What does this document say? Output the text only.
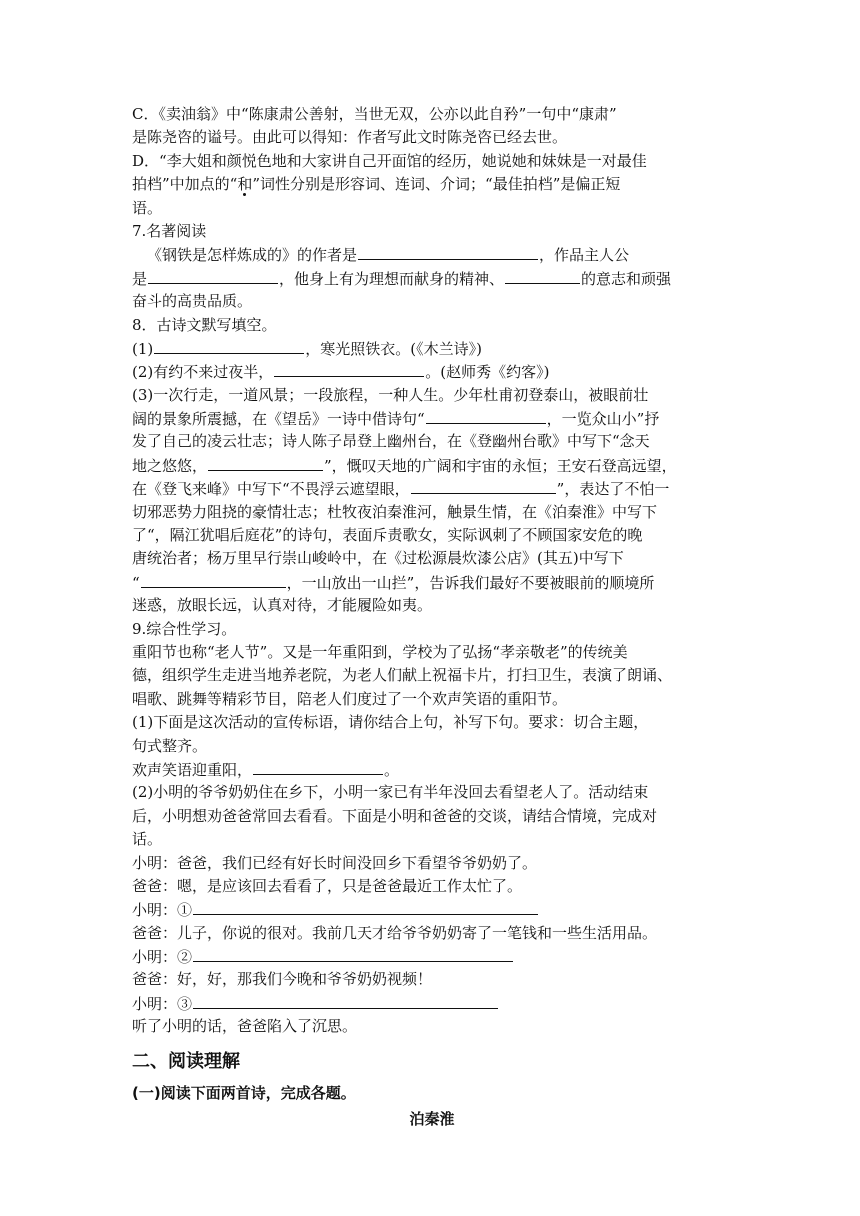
C．《卖油翁》中“陈康肃公善射，当世无双，公亦以此自矜”一句中“康肃”
是陈尧咨的谥号。由此可以得知：作者写此文时陈尧咨已经去世。
D．“李大姐和颜悦色地和大家讲自己开面馆的经历，她说她和妹妹是一对最佳
拍档”中加点的“和”词性分别是形容词、连词、介词；“最佳拍档”是偏正短
语。
7.名著阅读
《钢铁是怎样炼成的》的作者是	，作品主人公
是	，他身上有为理想而献身的精神、	的意志和顽强
奋斗的高贵品质。
8．古诗文默写填空。
(1)	，寒光照铁衣。(《木兰诗》)
(2)有约不来过夜半，	。(赵师秀《约客》)
(3)一次行走，一道风景；一段旅程，一种人生。少年杜甫初登泰山，被眼前壮
阔的景象所震撼，在《望岳》一诗中借诗句“	，一览众山小”抒
发了自己的凌云壮志；诗人陈子昂登上幽州台，在《登幽州台歌》中写下“念天
地之悠悠，	”，慨叹天地的广阔和宇宙的永恒；王安石登高远望，
在《登飞来峰》中写下“不畏浮云遮望眼，	”，表达了不怕一
切邪恶势力阻挠的豪情壮志；杜牧夜泊秦淮河，触景生情，在《泊秦淮》中写下
了“，隔江犹唱后庭花”的诗句，表面斥责歌女，实际讽刺了不顾国家安危的晚
唐统治者；杨万里早行崇山峻岭中，在《过松源晨炊漆公店》(其五)中写下
“	，一山放出一山拦”，告诉我们最好不要被眼前的顺境所
迷惑，放眼长远，认真对待，才能履险如夷。
9.综合性学习。
重阳节也称“老人节”。又是一年重阳到，学校为了弘扬“孝亲敬老”的传统美
德，组织学生走进当地养老院，为老人们献上祝福卡片，打扫卫生，表演了朗诵、
唱歌、跳舞等精彩节目，陪老人们度过了一个欢声笑语的重阳节。
(1)下面是这次活动的宣传标语，请你结合上句，补写下句。要求：切合主题，
句式整齐。
欢声笑语迎重阳，	。
(2)小明的爷爷奶奶住在乡下，小明一家已有半年没回去看望老人了。活动结束
后，小明想劝爸爸常回去看看。下面是小明和爸爸的交谈，请结合情境，完成对
话。
小明：爸爸，我们已经有好长时间没回乡下看望爷爷奶奶了。
爸爸：嗯，是应该回去看看了，只是爸爸最近工作太忙了。
小明：①
爸爸：儿子，你说的很对。我前几天才给爷爷奶奶寄了一笔钱和一些生活用品。
小明：②
爸爸：好，好，那我们今晚和爷爷奶奶视频！
小明：③
听了小明的话，爸爸陷入了沉思。
二、阅读理解
(一)阅读下面两首诗，完成各题。
泊秦淮
